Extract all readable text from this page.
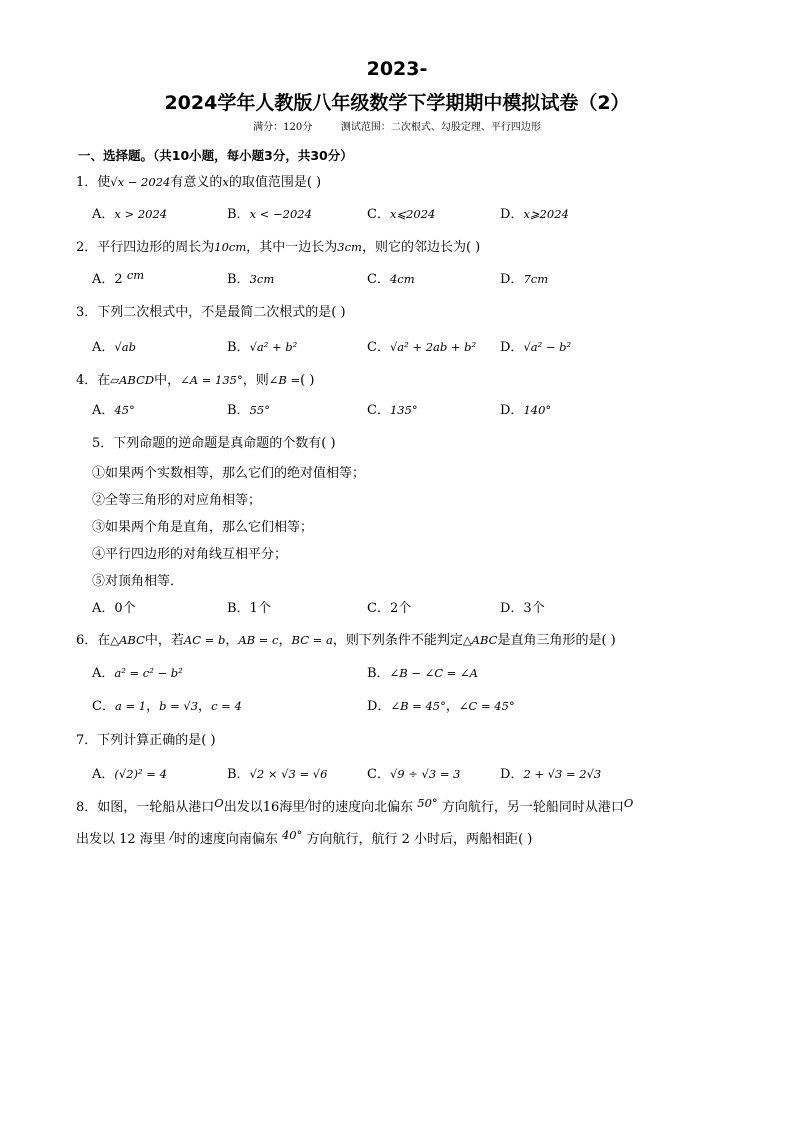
2023-
2024学年人教版八年级数学下学期期中模拟试卷（2）
满分：120分	测试范围：二次根式、勾股定理、平行四边形
一、选择题。（共10小题，每小题3分，共30分）
1．使√x − 2024有意义的x的取值范围是( )
A．x > 2024	B．x < −2024	C．x⩽2024	D．x⩾2024
2．平行四边形的周长为10cm，其中一边长为3cm，则它的邻边长为( )
A．2 cm	B．3cm	C．4cm	D．7cm
3．下列二次根式中，不是最简二次根式的是( )
A．√ab	B．√a² + b²	C．√a² + 2ab + b² D．√a² − b²
4．在▱ABCD中，∠A = 135°，则∠B =( )
A．45°	B．55°	C．135°	D．140°
5．下列命题的逆命题是真命题的个数有( )
①如果两个实数相等，那么它们的绝对值相等；
②全等三角形的对应角相等；
③如果两个角是直角，那么它们相等；
④平行四边形的对角线互相平分；
⑤对顶角相等．
A．0个	B．1个	C．2个	D．3个
6．在△ABC中，若AC = b，AB = c，BC = a，则下列条件不能判定△ABC是直角三角形的是( )
A．a² = c² − b²	B．∠B − ∠C = ∠A
C．a = 1，b = √3，c = 4	D．∠B = 45°，∠C = 45°
7．下列计算正确的是( )
A．(√2)² = 4	B．√2 × √3 = √6	C．√9 ÷ √3 = 3	D．2 + √3 = 2√3
8．如图，一轮船从港口O出发以16海里/时的速度向北偏东 50° 方向航行，另一轮船同时从港口O
出发以 12 海里 /时的速度向南偏东 40° 方向航行，航行 2 小时后，两船相距( )
